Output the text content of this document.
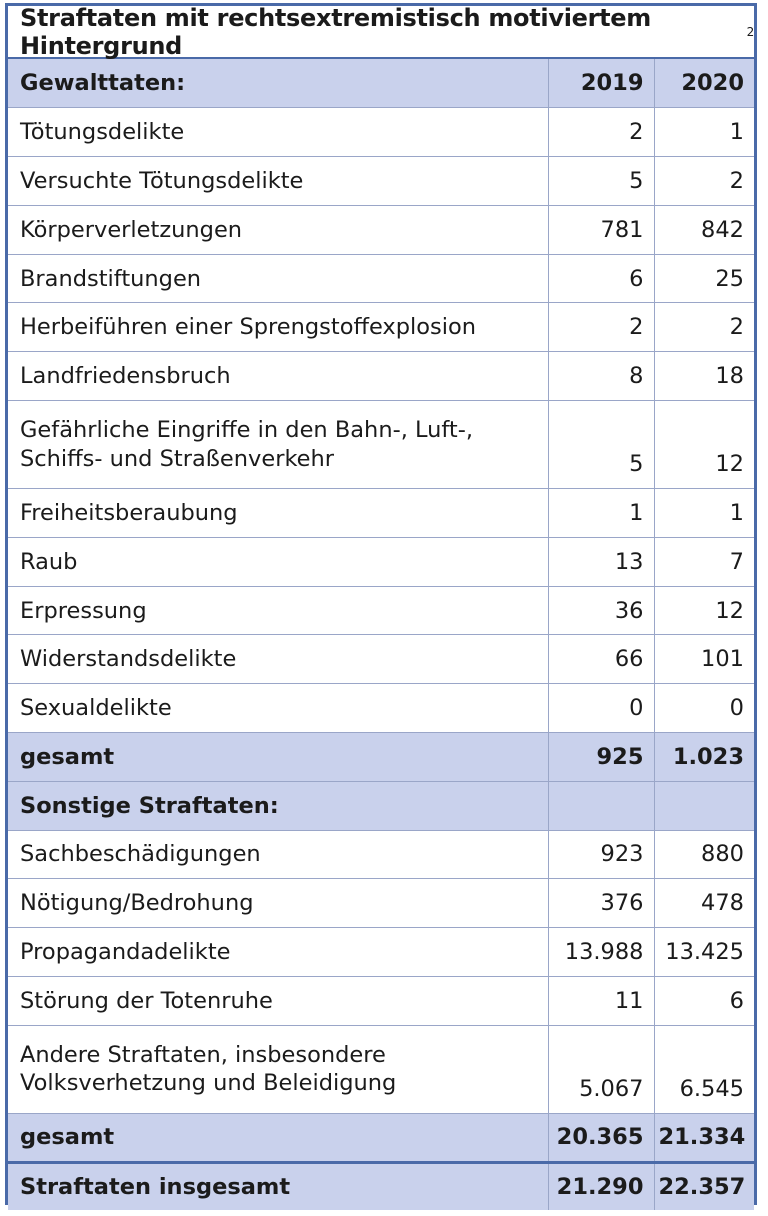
Straftaten mit rechtsextremistisch motiviertem Hintergrund	2
Gewalttaten:	2019	2020
Tötungsdelikte	2	1
Versuchte Tötungsdelikte	5	2
Körperverletzungen	781	842
Brandstiftungen	6	25
Herbeiführen einer Sprengstoffexplosion	2	2
Landfriedensbruch	8	18
Gefährliche Eingriffe in den Bahn-, Luft-, Schiffs- und Straßenverkehr	5	12
Freiheitsberaubung	1	1
Raub	13	7
Erpressung	36	12
Widerstandsdelikte	66	101
Sexualdelikte	0	0
gesamt	925	1.023
Sonstige Straftaten:		
Sachbeschädigungen	923	880
Nötigung/Bedrohung	376	478
Propagandadelikte	13.988	13.425
Störung der Totenruhe	11	6
Andere Straftaten, insbesondere Volksverhetzung und Beleidigung	5.067	6.545
gesamt	20.365	21.334
Straftaten insgesamt	21.290	22.357
